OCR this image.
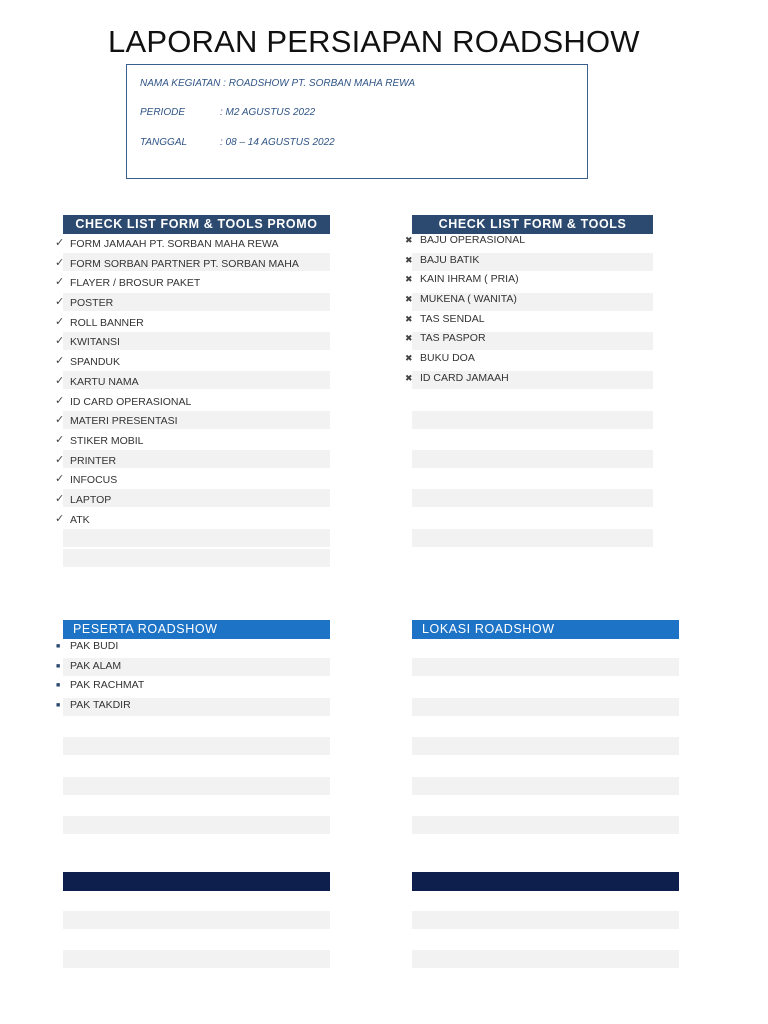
LAPORAN PERSIAPAN ROADSHOW
NAMA KEGIATAN : ROADSHOW PT. SORBAN MAHA REWA
PERIODE	: M2 AGUSTUS 2022
TANGGAL	: 08 – 14 AGUSTUS 2022
CHECK LIST FORM & TOOLS PROMO	CHECK LIST FORM & TOOLS PROMO
PESERTA ROADSHOW	LOKASI ROADSHOW
✓ FORM JAMAAH PT. SORBAN MAHA REWA
✓ FORM SORBAN PARTNER PT. SORBAN MAHA
✓ FLAYER / BROSUR PAKET
✓ POSTER
✓ ROLL BANNER
✓ KWITANSI
✓ SPANDUK
✓ KARTU NAMA
✓ ID CARD OPERASIONAL
✓ MATERI PRESENTASI
✓ STIKER MOBIL
✓ PRINTER
✓ INFOCUS
✓ LAPTOP
✓ ATK
✖ BAJU OPERASIONAL
✖ BAJU BATIK
✖ KAIN IHRAM ( PRIA)
✖ MUKENA ( WANITA)
✖ TAS SENDAL
✖ TAS PASPOR
✖ BUKU DOA
✖ ID CARD JAMAAH
■ PAK BUDI
■ PAK ALAM
■ PAK RACHMAT
■ PAK TAKDIR
